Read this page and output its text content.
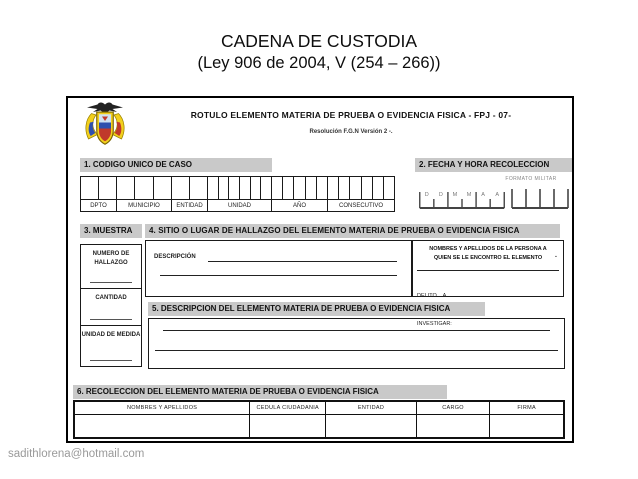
CADENA DE CUSTODIA
(Ley 906 de 2004, V (254 – 266))
ROTULO ELEMENTO MATERIA DE PRUEBA O EVIDENCIA FISICA - FPJ - 07-
Resolución F.G.N Versión 2 -.
1. CODIGO UNICO DE CASO
DPTO	MUNICIPIO	ENTIDAD	UNIDAD	AÑO	CONSECUTIVO
2. FECHA Y HORA RECOLECCION
FORMATO MILITAR
D D M M A A
3. MUESTRA	4. SITIO O LUGAR DE HALLAZGO DEL ELEMENTO MATERIA DE PRUEBA O EVIDENCIA FISICA
NUMERO DE HALLAZGO
CANTIDAD
UNIDAD DE MEDIDA
DESCRIPCIÓN
NOMBRES Y APELLIDOS DE LA PERSONA A QUIEN SE LE ENCONTRO EL ELEMENTO	.

DELITO    A

INVESTIGAR:

5. DESCRIPCION DEL ELEMENTO MATERIA DE PRUEBA O EVIDENCIA FISICA
6. RECOLECCION DEL ELEMENTO MATERIA DE PRUEBA O EVIDENCIA FISICA
NOMBRES Y APELLIDOS	CEDULA CIUDADANIA	ENTIDAD	CARGO	FIRMA

sadithlorena@hotmail.com
